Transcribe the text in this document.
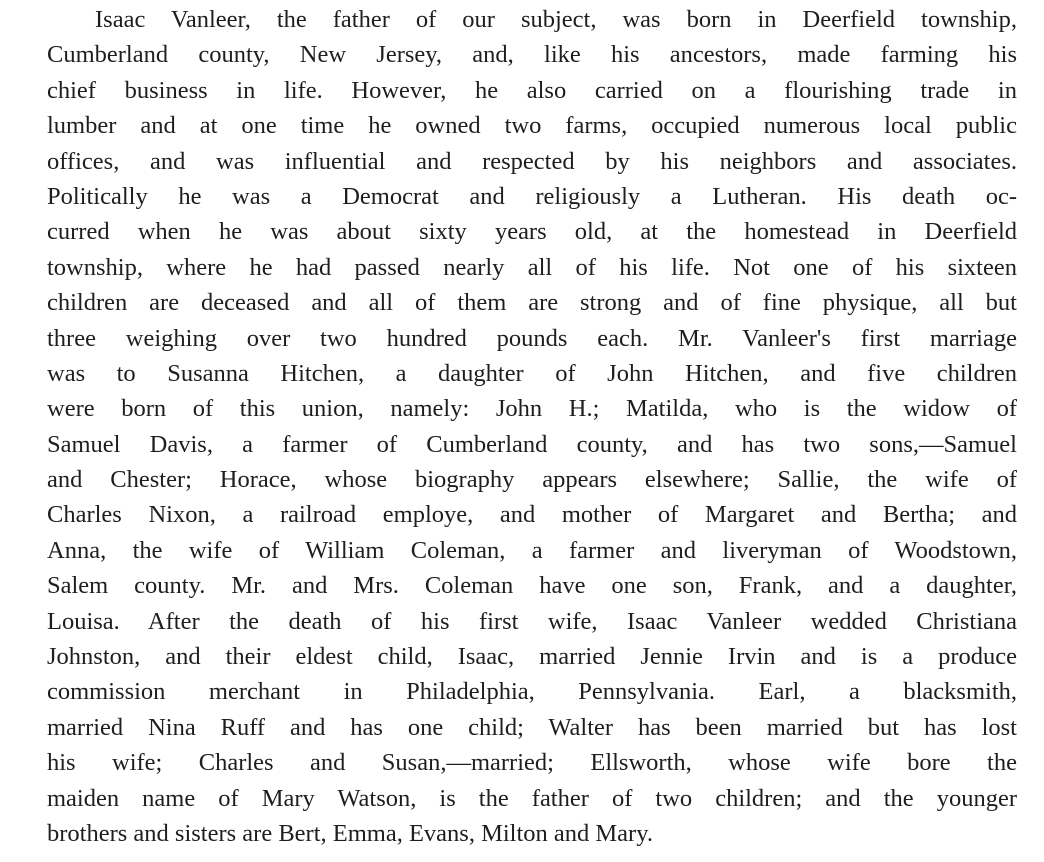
Isaac Vanleer, the father of our subject, was born in Deerfield township,
Cumberland county, New Jersey, and, like his ancestors, made farming his
chief business in life. However, he also carried on a flourishing trade in
lumber and at one time he owned two farms, occupied numerous local public
offices, and was influential and respected by his neighbors and associates.
Politically he was a Democrat and religiously a Lutheran. His death oc-
curred when he was about sixty years old, at the homestead in Deerfield
township, where he had passed nearly all of his life. Not one of his sixteen
children are deceased and all of them are strong and of fine physique, all but
three weighing over two hundred pounds each. Mr. Vanleer's first marriage
was to Susanna Hitchen, a daughter of John Hitchen, and five children
were born of this union, namely: John H.; Matilda, who is the widow of
Samuel Davis, a farmer of Cumberland county, and has two sons,—Samuel
and Chester; Horace, whose biography appears elsewhere; Sallie, the wife of
Charles Nixon, a railroad employe, and mother of Margaret and Bertha; and
Anna, the wife of William Coleman, a farmer and liveryman of Woodstown,
Salem county. Mr. and Mrs. Coleman have one son, Frank, and a daughter,
Louisa. After the death of his first wife, Isaac Vanleer wedded Christiana
Johnston, and their eldest child, Isaac, married Jennie Irvin and is a produce
commission merchant in Philadelphia, Pennsylvania. Earl, a blacksmith,
married Nina Ruff and has one child; Walter has been married but has lost
his wife; Charles and Susan,—married; Ellsworth, whose wife bore the
maiden name of Mary Watson, is the father of two children; and the younger
brothers and sisters are Bert, Emma, Evans, Milton and Mary.
